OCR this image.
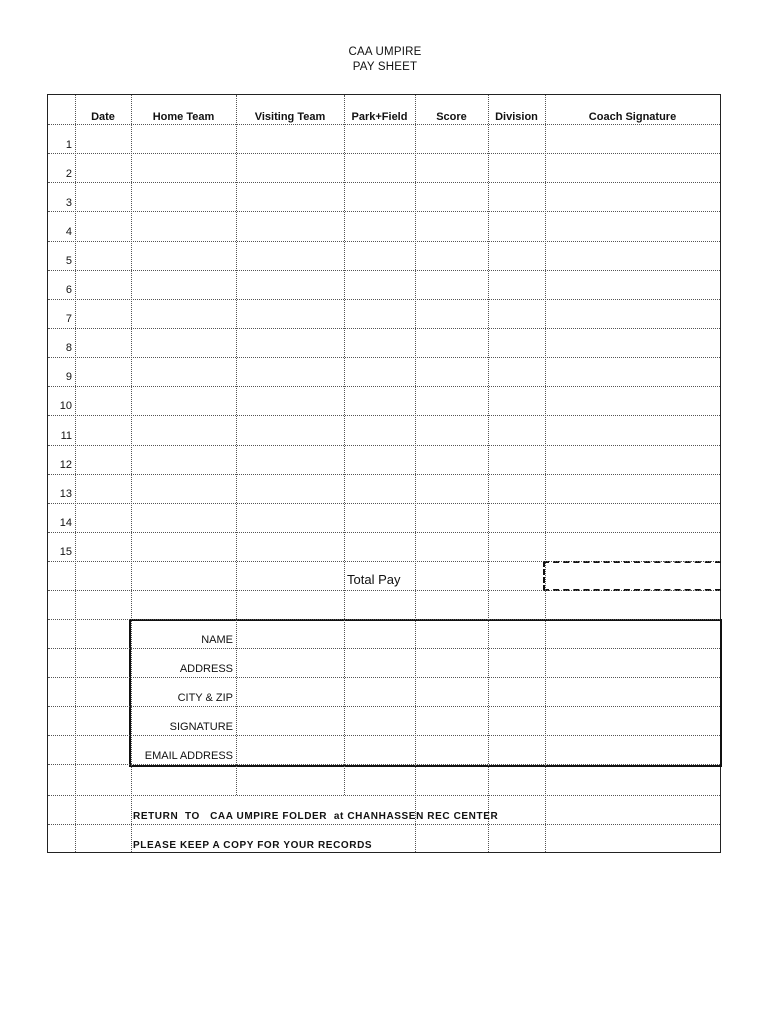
CAA UMPIRE
PAY SHEET
Date	Home Team	Visiting Team	Park+Field	Score	Division	Coach Signature
1
2
3
4
5
6
7
8
9
10
11
12
13
14
15
Total Pay
NAME
ADDRESS
CITY & ZIP
SIGNATURE
EMAIL ADDRESS
RETURN  TO   CAA UMPIRE FOLDER  at CHANHASSEN REC CENTER
PLEASE KEEP A COPY FOR YOUR RECORDS
